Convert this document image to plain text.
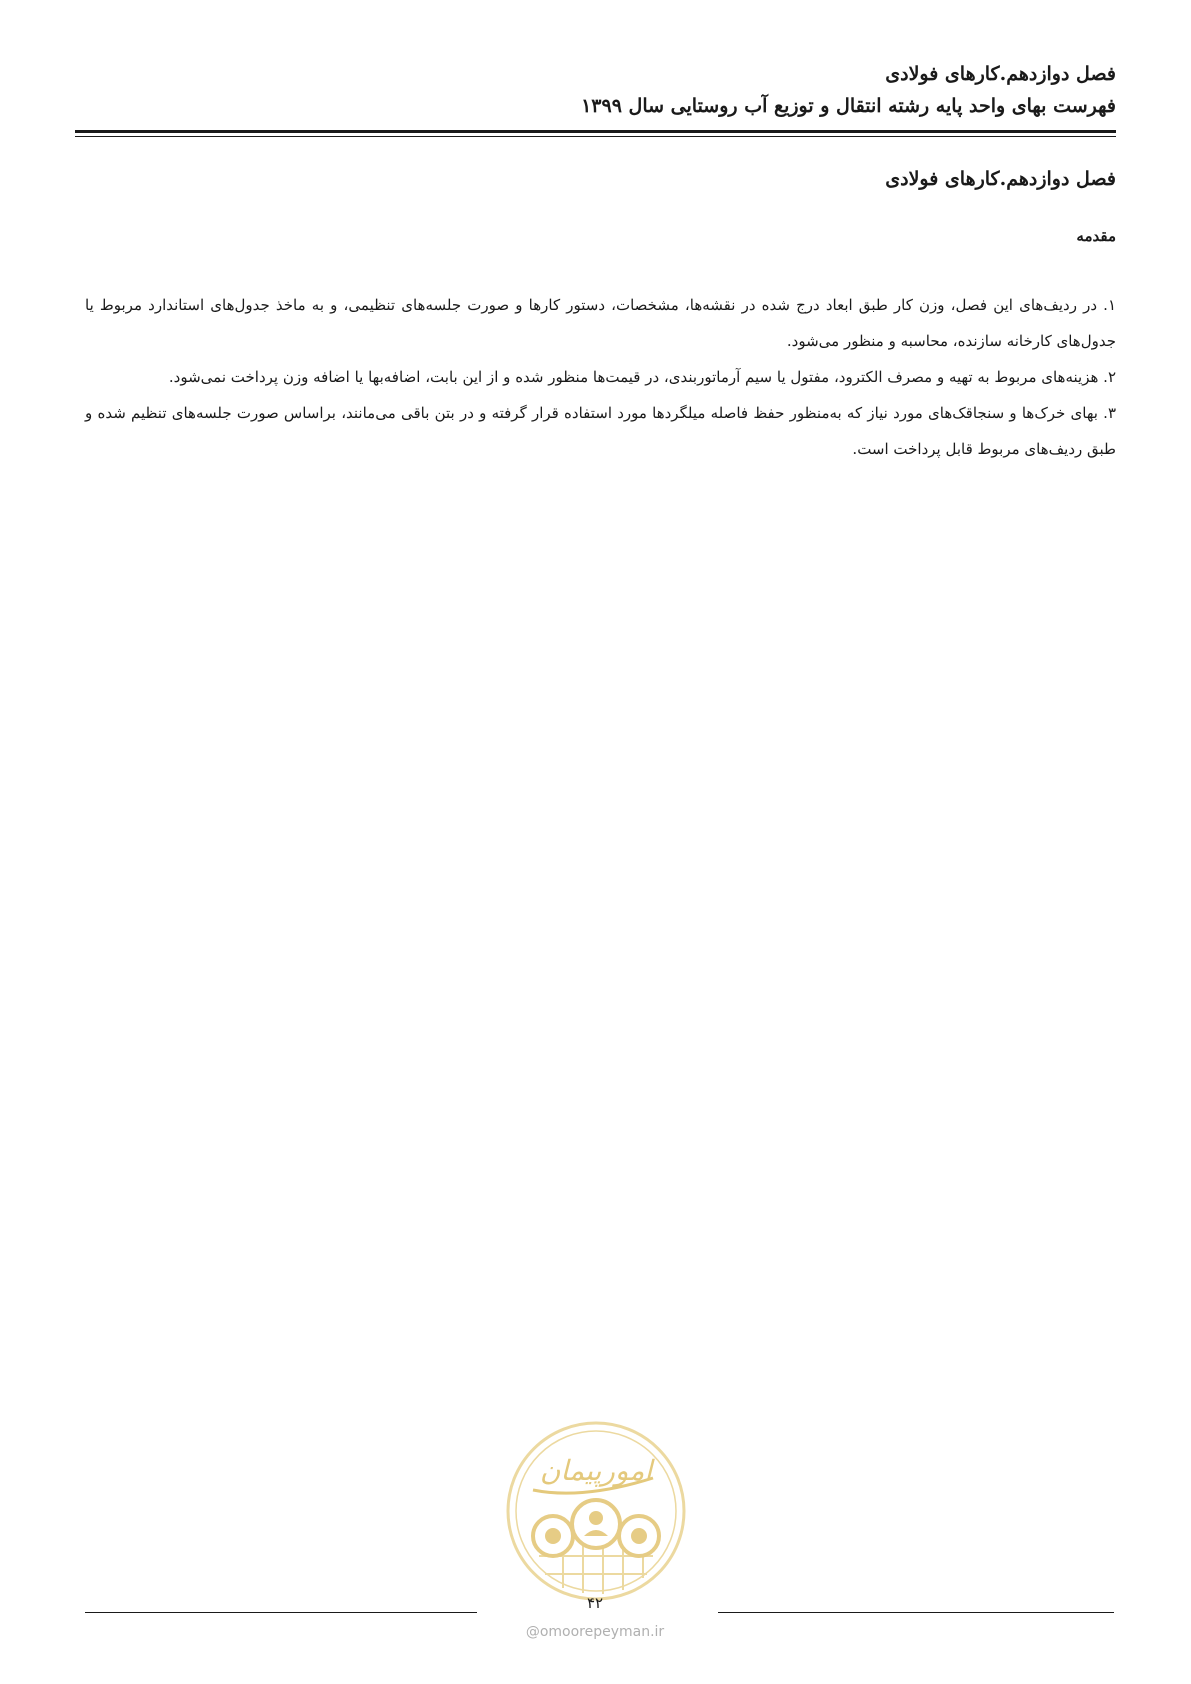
فصل دوازدهم.کارهای فولادی
فهرست بهای واحد پایه رشته انتقال و توزیع آب روستایی سال ۱۳۹۹
فصل دوازدهم.کارهای فولادی
مقدمه

۱. در ردیف‌های این فصل، وزن کار طبق ابعاد درج شده در نقشه‌ها، مشخصات، دستور کارها و صورت جلسه‌های تنظیمی، و به ماخذ جدول‌های استاندارد مربوط یا جدول‌های کارخانه سازنده، محاسبه و منظور می‌شود.

۲. هزینه‌های مربوط به تهیه و مصرف الکترود، مفتول یا سیم آرماتوربندی، در قیمت‌ها منظور شده و از این بابت، اضافه‌بها یا اضافه وزن پرداخت نمی‌شود.

۳. بهای خرک‌ها و سنجاقک‌های مورد نیاز که به‌منظور حفظ فاصله میلگردها مورد استفاده قرار گرفته و در بتن باقی می‌مانند، براساس صورت جلسه‌های تنظیم شده و طبق ردیف‌های مربوط قابل پرداخت است.

امورپیمان
۴۲
@omoorepeyman.ir
